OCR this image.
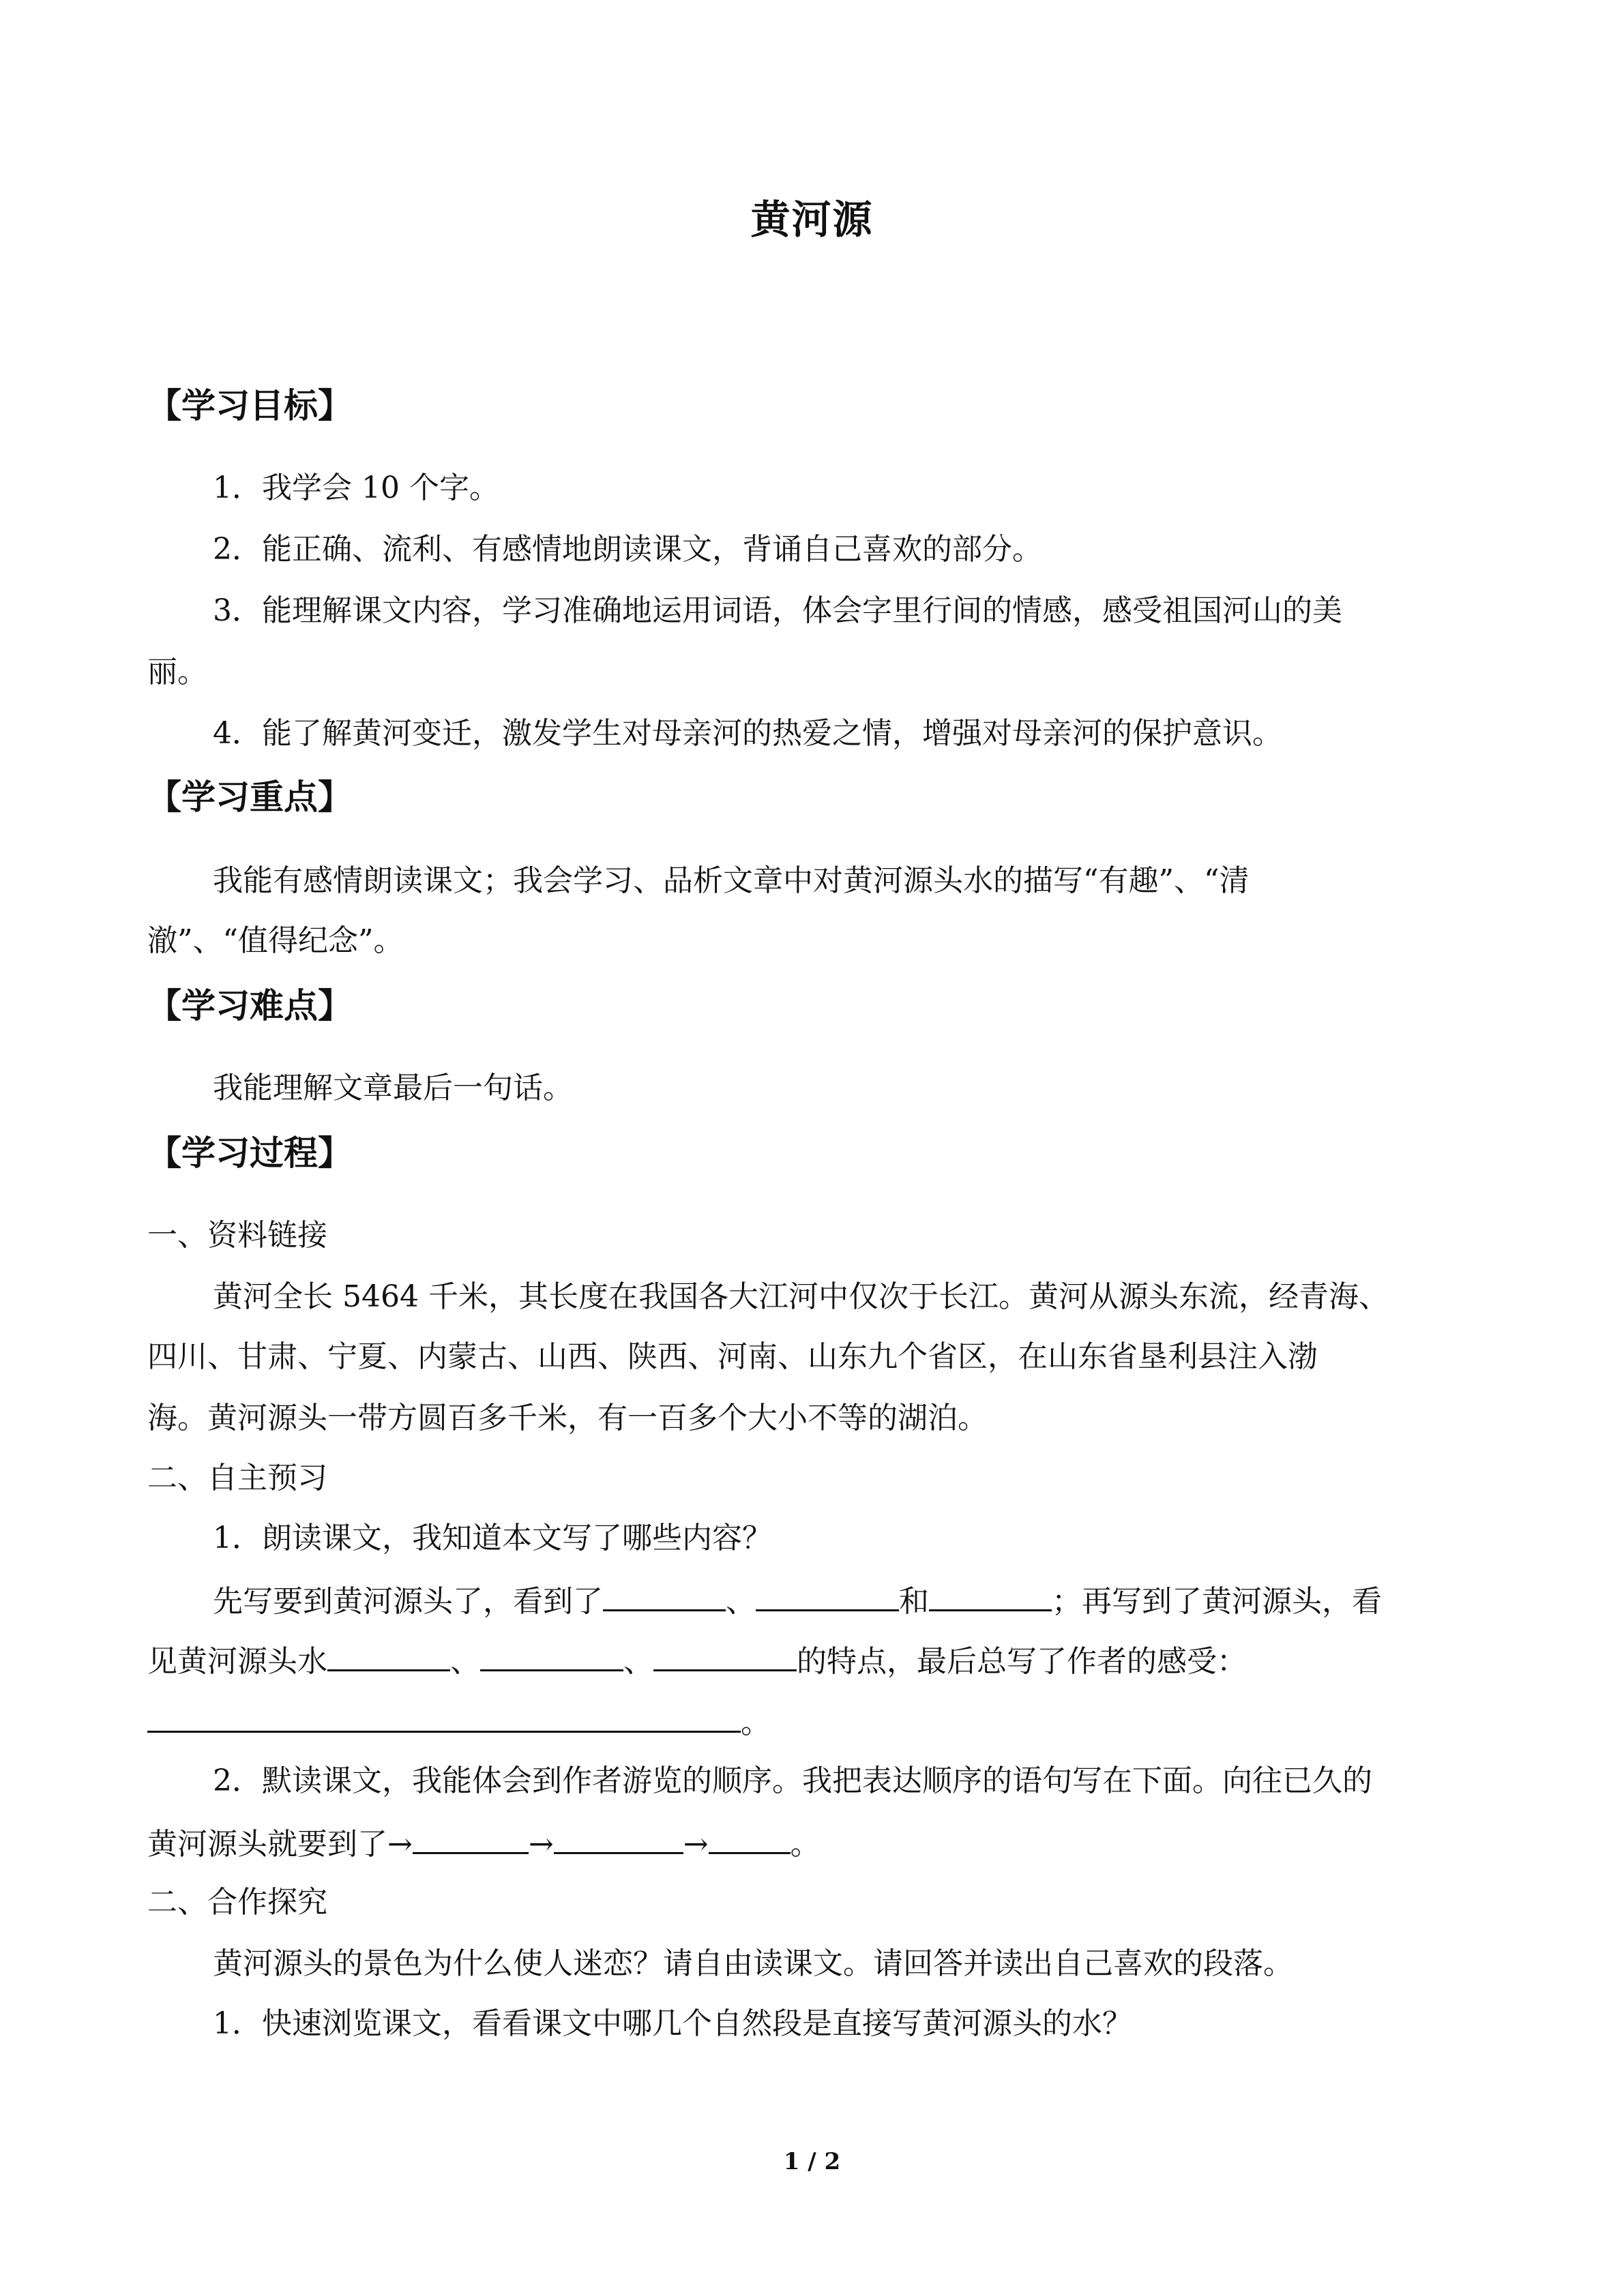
黄河源
【学习目标】
1．我学会 10 个字。
2．能正确、流利、有感情地朗读课文，背诵自己喜欢的部分。
3．能理解课文内容，学习准确地运用词语，体会字里行间的情感，感受祖国河山的美
丽。
4．能了解黄河变迁，激发学生对母亲河的热爱之情，增强对母亲河的保护意识。
【学习重点】
我能有感情朗读课文；我会学习、品析文章中对黄河源头水的描写“有趣”、“清
澈”、“值得纪念”。
【学习难点】
我能理解文章最后一句话。
【学习过程】
一、资料链接
黄河全长 5464 千米，其长度在我国各大江河中仅次于长江。黄河从源头东流，经青海、
四川、甘肃、宁夏、内蒙古、山西、陕西、河南、山东九个省区，在山东省垦利县注入渤
海。黄河源头一带方圆百多千米，有一百多个大小不等的湖泊。
二、自主预习
1．朗读课文，我知道本文写了哪些内容？
先写要到黄河源头了，看到了	、	和	；再写到了黄河源头，看
见黄河源头水	、	、	的特点，最后总写了作者的感受：
。
2．默读课文，我能体会到作者游览的顺序。我把表达顺序的语句写在下面。向往已久的
黄河源头就要到了→	→	→	。
二、合作探究
黄河源头的景色为什么使人迷恋？请自由读课文。请回答并读出自己喜欢的段落。
1．快速浏览课文，看看课文中哪几个自然段是直接写黄河源头的水？
1 / 2
